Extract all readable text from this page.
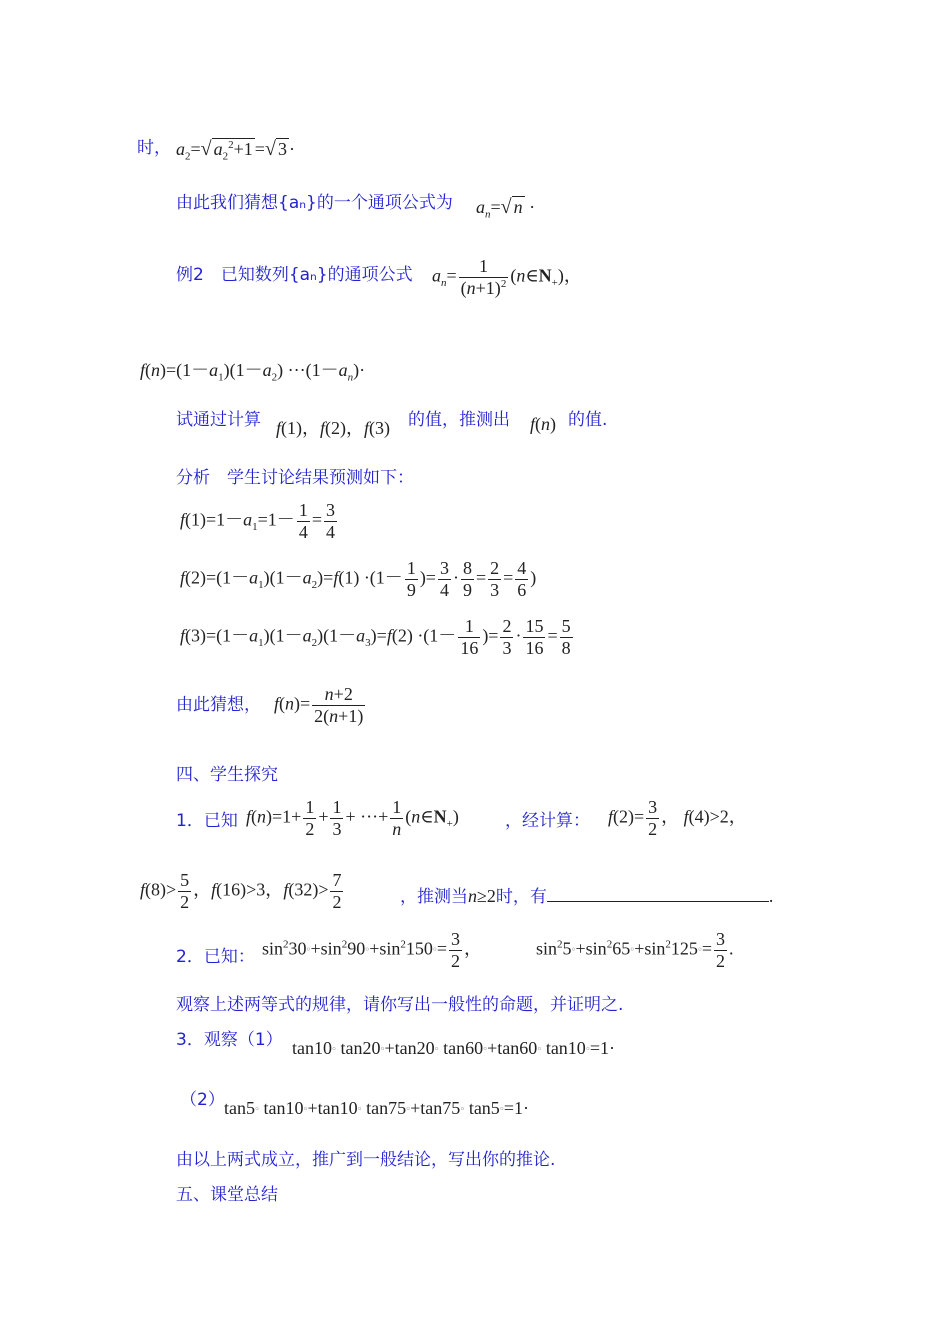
时， $a_2=√$ $a_2^2+1$ =√ 3 ·
由此我们猜想{aₙ}的一个通项公式为 $a_n=√$ n ·
例2　已知数列{aₙ}的通项公式 $a_n= \frac{1}{(n+1)^2}$ $(n\in N_+)$，
$f(n)=(1-a_1)(1-a_2) \cdot\cdot\cdot(1-a_n)\cdot$
试通过计算 f(1)，f(2)，f(3) 的值，推测出 f(n) 的值.
分析　学生讨论结果预测如下：
$f(1)=1-a_1=1- \frac{1}{4} = \frac{3}{4}$
$f(2)=(1-a_1)(1-a_2)=f(1) \cdot(1- \frac{1}{9}$ )= $\frac{3}{4} \cdot \frac{8}{9} = \frac{2}{3} = \frac{4}{6}$ )
$f(3)=(1-a_1)(1-a_2)(1-a_3)=f(2) \cdot(1- \frac{1}{16}$ )= $\frac{2}{3} \cdot \frac{15}{16} = \frac{5}{8}$
由此猜想， $f(n)= \frac{n+2}{2(n+1)}$
四、学生探究
1．已知 $f(n)=1+ \frac{1}{2} + \frac{1}{3}$ + ···+ $\frac{1}{n}$ $(n\in N_+)$	，经计算： $f(2)= \frac{3}{2}$ ， f(4)>2，
$f(8)> \frac{5}{2}$ ，f(16)>3，$f(32)> \frac{7}{2}$	，推测当n≥2时，有	.
2．已知： $\sin^230^\circ+\sin^290^\circ+\sin^2150^\circ= \frac{3}{2}$ ，	$\sin^25^\circ+\sin^265^\circ+\sin^2125^\circ= \frac{3}{2}$ .
观察上述两等式的规律，请你写出一般性的命题，并证明之.
3．观察（1） tan10° tan20°+tan20° tan60°+tan60° tan10°=1·
（2） tan5° tan10°+tan10° tan75°+tan75° tan5°=1·
由以上两式成立，推广到一般结论，写出你的推论.
五、课堂总结
